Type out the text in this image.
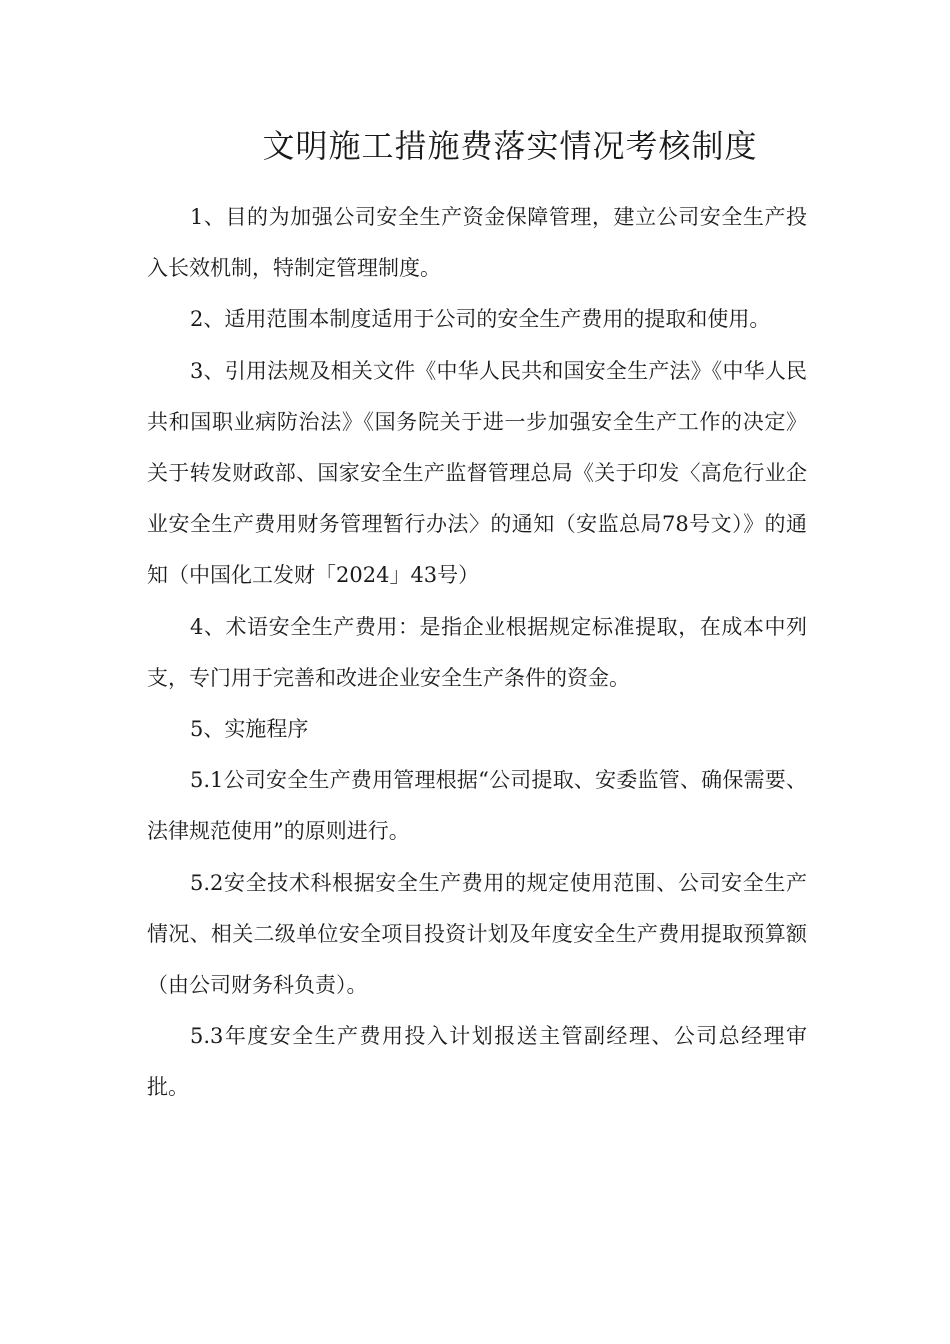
文明施工措施费落实情况考核制度

1、目的为加强公司安全生产资金保障管理，建立公司安全生产投入长效机制，特制定管理制度。

2、适用范围本制度适用于公司的安全生产费用的提取和使用。

3、引用法规及相关文件《中华人民共和国安全生产法》《中华人民共和国职业病防治法》《国务院关于进一步加强安全生产工作的决定》关于转发财政部、国家安全生产监督管理总局《关于印发〈高危行业企业安全生产费用财务管理暂行办法〉的通知（安监总局78号文）》的通知（中国化工发财「2024」43号）

4、术语安全生产费用：是指企业根据规定标准提取，在成本中列支，专门用于完善和改进企业安全生产条件的资金。

5、实施程序

5.1公司安全生产费用管理根据“公司提取、安委监管、确保需要、法律规范使用”的原则进行。

5.2安全技术科根据安全生产费用的规定使用范围、公司安全生产情况、相关二级单位安全项目投资计划及年度安全生产费用提取预算额（由公司财务科负责）。

5.3年度安全生产费用投入计划报送主管副经理、公司总经理审批。
